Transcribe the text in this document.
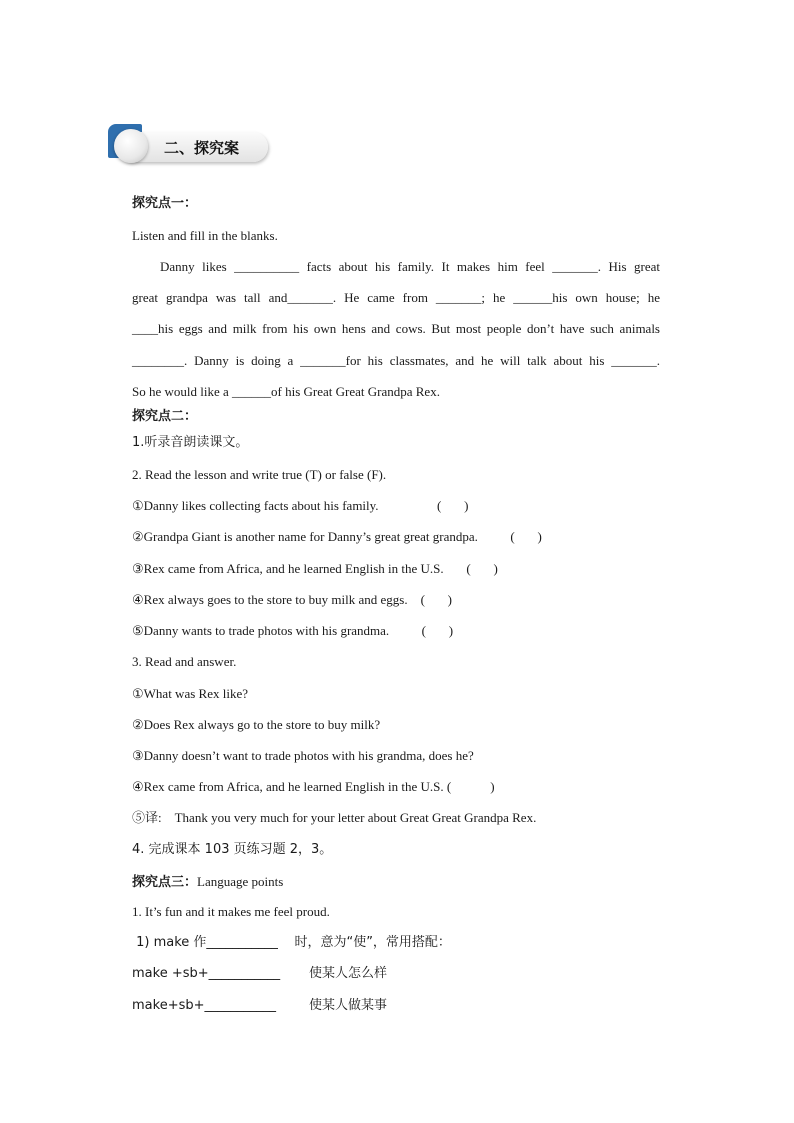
二、探究案
探究点一：
Listen and fill in the blanks.
Danny likes __________ facts about his family. It makes him feel _______. His great
great grandpa was tall and_______. He came from _______; he ______his own house; he
____his eggs and milk from his own hens and cows. But most people don’t have such animals
________. Danny is doing a _______for his classmates, and he will talk about his _______.
So he would like a ______of his Great Great Grandpa Rex.
探究点二：
1.听录音朗读课文。
2. Read the lesson and write true (T) or false (F).
①Danny likes collecting facts about his family.                  (       )
②Grandpa Giant is another name for Danny’s great great grandpa.          (       )
③Rex came from Africa, and he learned English in the U.S.       (       )
④Rex always goes to the store to buy milk and eggs.    (       )
⑤Danny wants to trade photos with his grandma.          (       )
3. Read and answer.
①What was Rex like?
②Does Rex always go to the store to buy milk?
③Danny doesn’t want to trade photos with his grandma, does he?
④Rex came from Africa, and he learned English in the U.S. (            )
⑤译:    Thank you very much for your letter about Great Great Grandpa Rex.
4. 完成课本 103 页练习题 2，3。
探究点三：Language points
1. It’s fun and it makes me feel proud.
1) make 作___________    时，意为“使”，常用搭配：
make +sb+___________       使某人怎么样
make+sb+___________        使某人做某事
